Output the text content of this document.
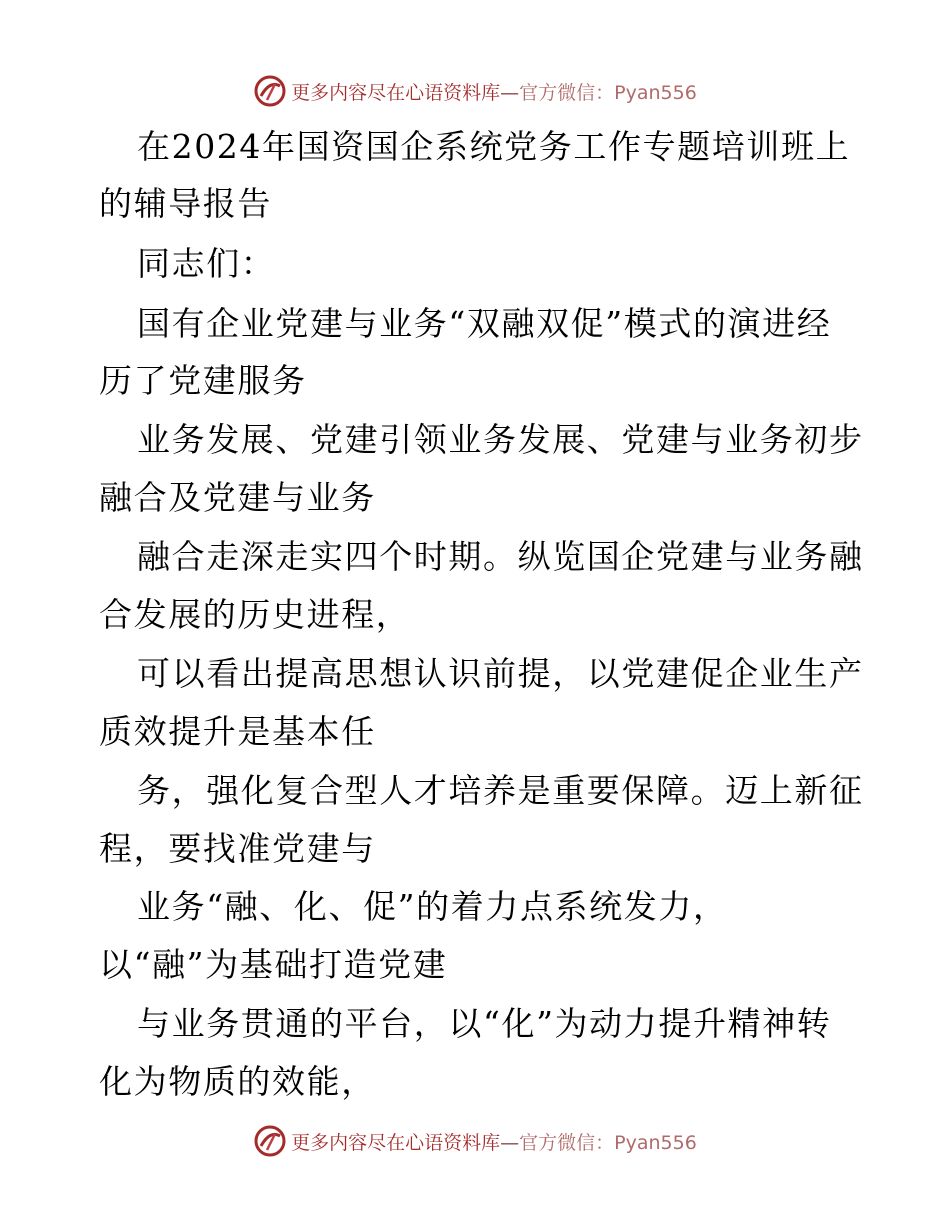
更多内容尽在心语资料库—官方微信：Pyan556
在2024年国资国企系统党务工作专题培训班上
的辅导报告
同志们：
国有企业党建与业务“双融双促”模式的演进经
历了党建服务
业务发展、党建引领业务发展、党建与业务初步
融合及党建与业务
融合走深走实四个时期。纵览国企党建与业务融
合发展的历史进程，
可以看出提高思想认识前提，以党建促企业生产
质效提升是基本任
务，强化复合型人才培养是重要保障。迈上新征
程，要找准党建与
业务“融、化、促”的着力点系统发力，
以“融”为基础打造党建
与业务贯通的平台，以“化”为动力提升精神转
化为物质的效能，
更多内容尽在心语资料库—官方微信：Pyan556
